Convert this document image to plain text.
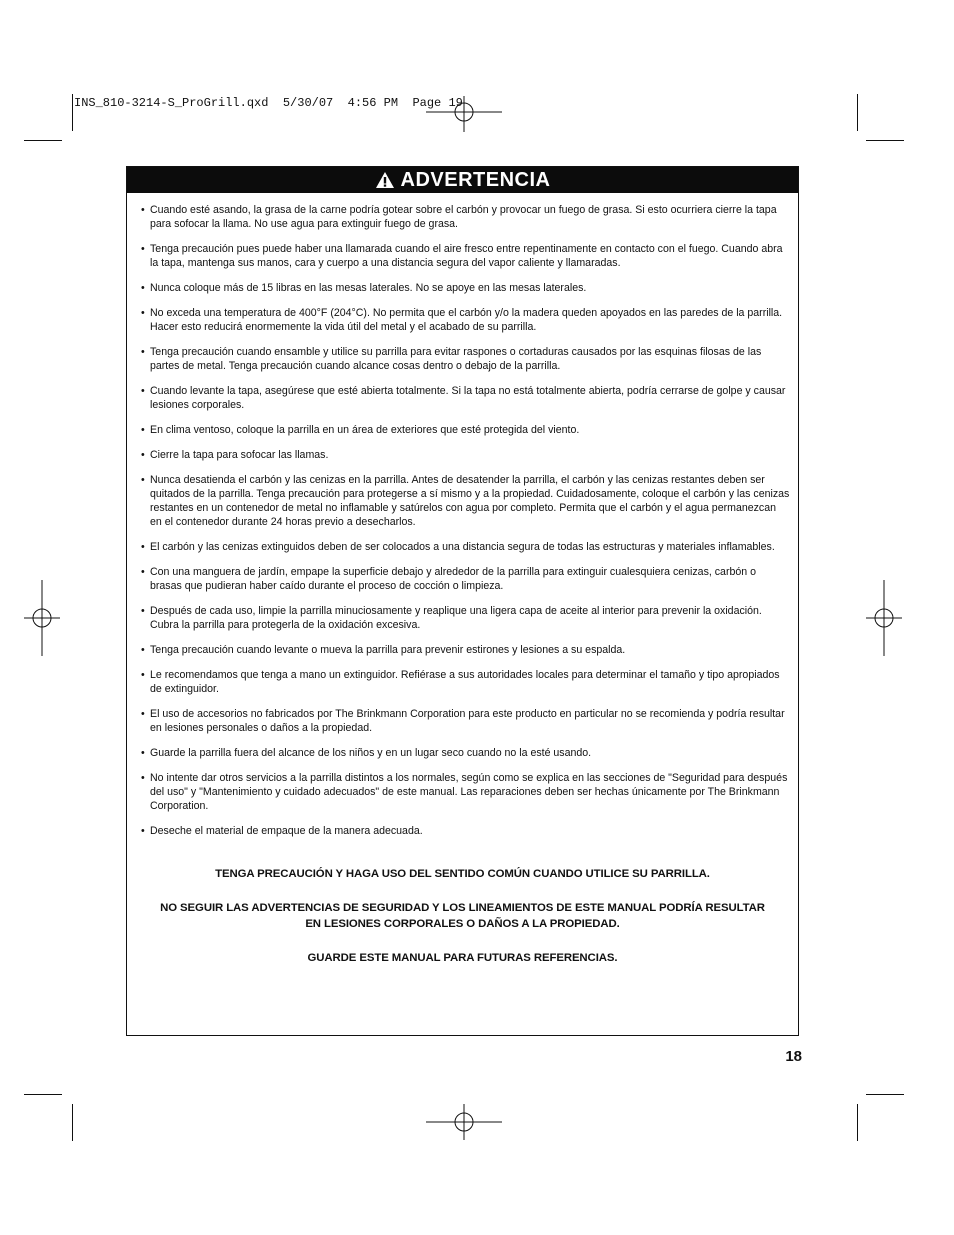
INS_810-3214-S_ProGrill.qxd  5/30/07  4:56 PM  Page 19
ADVERTENCIA
• Cuando esté asando, la grasa de la carne podría gotear sobre el carbón y provocar un fuego de grasa. Si esto ocurriera cierre la tapa para sofocar la llama. No use agua para extinguir fuego de grasa.
• Tenga precaución pues puede haber una llamarada cuando el aire fresco entre repentinamente en contacto con el fuego. Cuando abra la tapa, mantenga sus manos, cara y cuerpo a una distancia segura del vapor caliente y llamaradas.
• Nunca coloque más de 15 libras en las mesas laterales. No se apoye en las mesas laterales.
• No exceda una temperatura de 400°F (204°C). No permita que el carbón y/o la madera queden apoyados en las paredes de la parrilla. Hacer esto reducirá enormemente la vida útil del metal y el acabado de su parrilla.
• Tenga precaución cuando ensamble y utilice su parrilla para evitar raspones o cortaduras causados por las esquinas filosas de las partes de metal. Tenga precaución cuando alcance cosas dentro o debajo de la parrilla.
• Cuando levante la tapa, asegúrese que esté abierta totalmente. Si la tapa no está totalmente abierta, podría cerrarse de golpe y causar lesiones corporales.
• En clima ventoso, coloque la parrilla en un área de exteriores que esté protegida del viento.
• Cierre la tapa para sofocar las llamas.
• Nunca desatienda el carbón y las cenizas en la parrilla. Antes de desatender la parrilla, el carbón y las cenizas restantes deben ser quitados de la parrilla. Tenga precaución para protegerse a sí mismo y a la propiedad. Cuidadosamente, coloque el carbón y las cenizas restantes en un contenedor de metal no inflamable y satúrelos con agua por completo. Permita que el carbón y el agua permanezcan en el contenedor durante 24 horas previo a desecharlos.
• El carbón y las cenizas extinguidos deben de ser colocados a una distancia segura de todas las estructuras y materiales inflamables.
• Con una manguera de jardín, empape la superficie debajo y alrededor de la parrilla para extinguir cualesquiera cenizas, carbón o brasas que pudieran haber caído durante el proceso de cocción o limpieza.
• Después de cada uso, limpie la parrilla minuciosamente y reaplique una ligera capa de aceite al interior para prevenir la oxidación. Cubra la parrilla para protegerla de la oxidación excesiva.
• Tenga precaución cuando levante o mueva la parrilla para prevenir estirones y lesiones a su espalda.
• Le recomendamos que tenga a mano un extinguidor. Refiérase a sus autoridades locales para determinar el tamaño y tipo apropiados de extinguidor.
• El uso de accesorios no fabricados por The Brinkmann Corporation para este producto en particular no se recomienda y podría resultar en lesiones personales o daños a la propiedad.
• Guarde la parrilla fuera del alcance de los niños y en un lugar seco cuando no la esté usando.
• No intente dar otros servicios a la parrilla distintos a los normales, según como se explica en las secciones de "Seguridad para después del uso" y "Mantenimiento y cuidado adecuados" de este manual. Las reparaciones deben ser hechas únicamente por The Brinkmann Corporation.
• Deseche el material de empaque de la manera adecuada.

TENGA PRECAUCIÓN Y HAGA USO DEL SENTIDO COMÚN CUANDO UTILICE SU PARRILLA.

NO SEGUIR LAS ADVERTENCIAS DE SEGURIDAD Y LOS LINEAMIENTOS DE ESTE MANUAL PODRÍA RESULTAR

EN LESIONES CORPORALES O DAÑOS A LA PROPIEDAD.

GUARDE ESTE MANUAL PARA FUTURAS REFERENCIAS.

18
